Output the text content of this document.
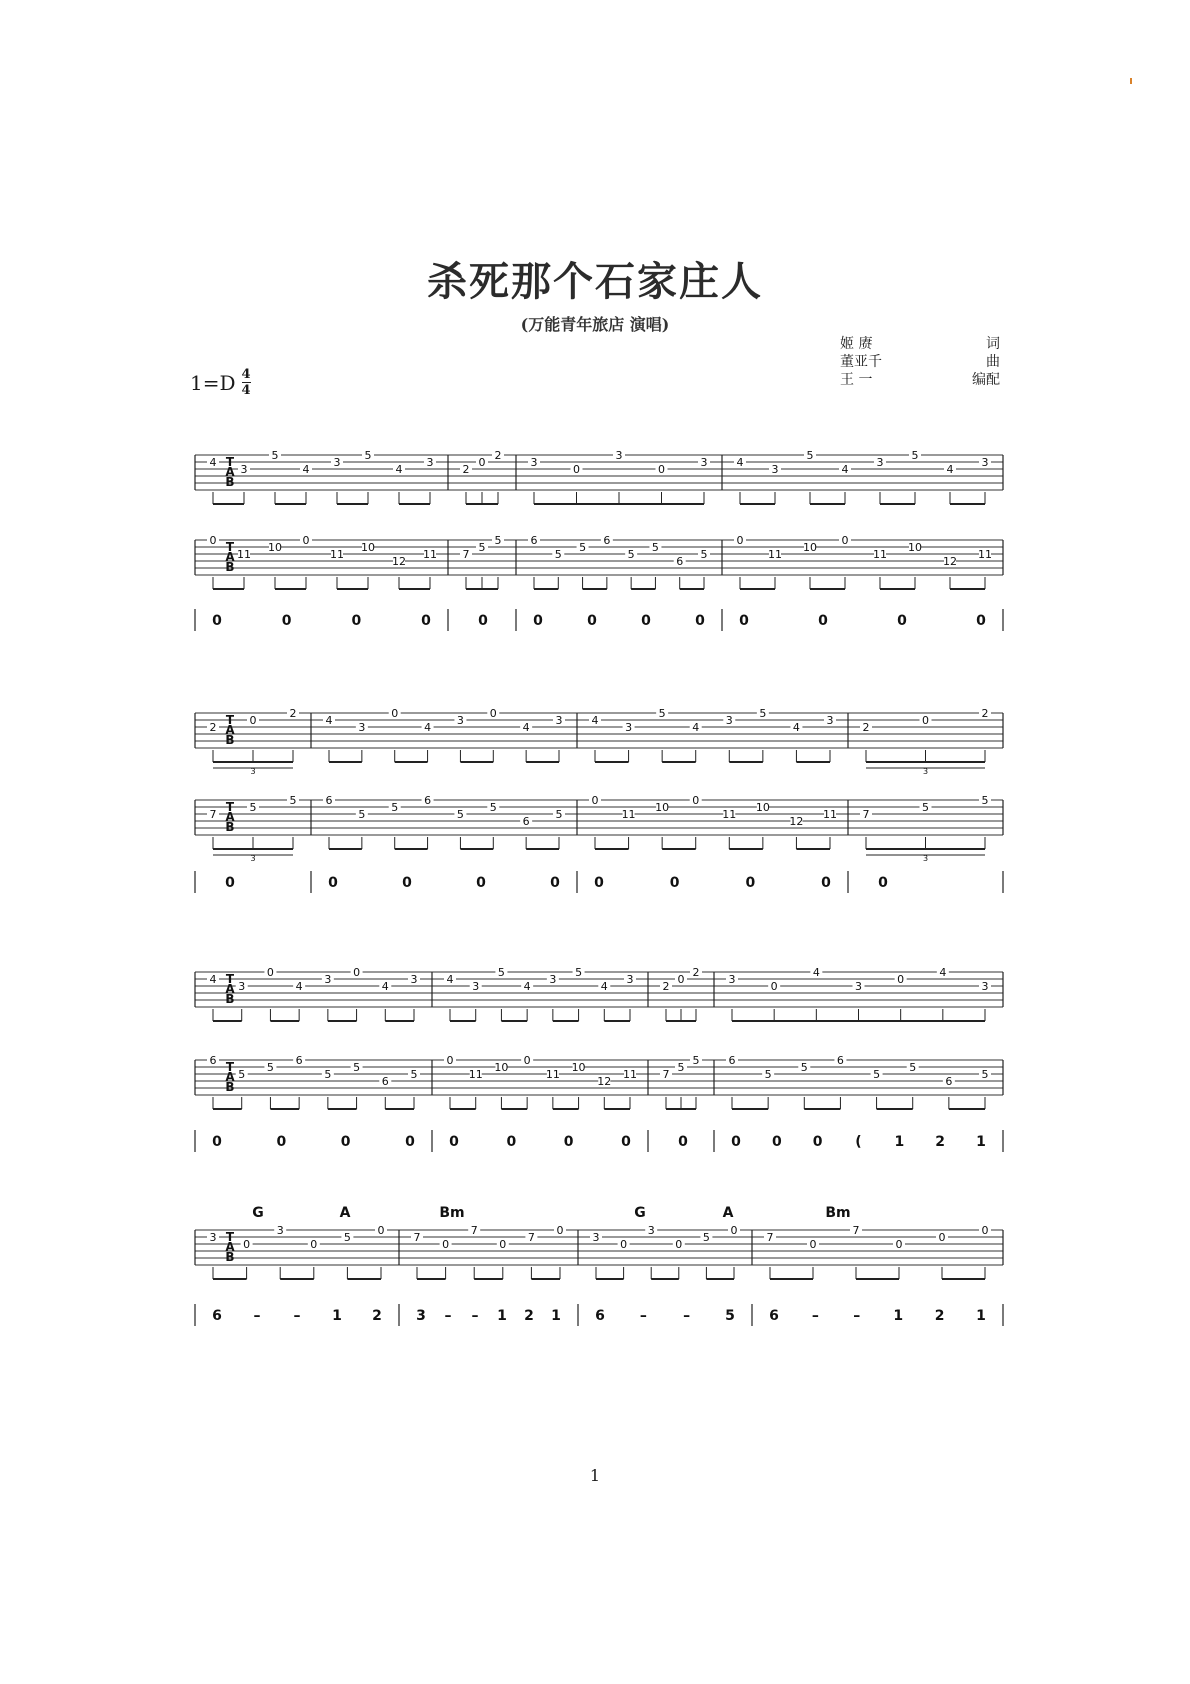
杀死那个石家庄人
(万能青年旅店 演唱)
姬 赓	词
董亚千	曲
王 一	编配
$1=D \frac{4}{4}$
T
A
B
4
3
5
4
3
5
4
3
2
0
2
3
0
3
0
3	4
3
5
4
3
5
4
3
T
A
B
0
11
10
0
11
10
12
11 7
5
5	6
5
5
6
5
5
6
5
0
11
10
0
11
10
12
11
0	0	0	0	0	0	0	0	0 0	0	0	0
T
A
B
2
0
2
3
4
3
0
4
3
0
4
3	4
3
5
4
3
5
4
3
2
0
2
3
T
A
B
7
5
5
3
6
5
5
6
5
5
6
5
0
11
10
0
11
10
12
11 7
5
5
3
0	0	0	0	0 0	0	0	0	0
T
A
B
4
3
0
4
3
0
4
3	4
3
5
4
3
5
4
3
2
0
2
3
0
4
3
0
4
3
T
A
B
6
5
5
6
5
5
6
5
0
11
10
0
11
10
12
11 7
5
5	6
5
5
6
5
5
6
5
0	0	0	0 0	0	0	0	0	0 0 0 ( 1 2 1
T
A
B
3
0
3
0
5
0
7
0
7
0
7
0
3
0
3
0
5
0
7
0
7
0
0
0
6 – – 1 2 3 – – 1 2 1 6 –	– 5 6 – – 1 2 1
G	A	Bm	G	A	Bm
1
